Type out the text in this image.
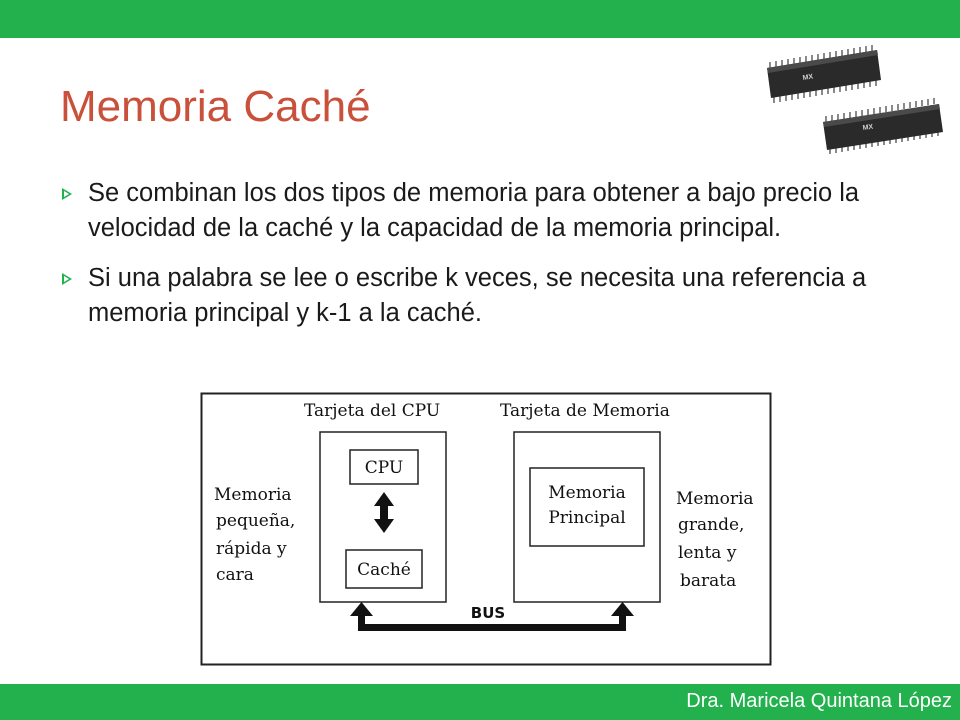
Memoria Caché
MX
MX
Se combinan los dos tipos de memoria para obtener a bajo precio la velocidad de la caché y la capacidad de la memoria principal.
Si una palabra se lee o escribe k veces, se necesita una referencia a memoria principal y k-1 a la caché.
Tarjeta del CPU	Tarjeta de Memoria
CPU
Caché
Memoria
Principal
Memoria
pequeña,
rápida y
cara
Memoria
grande,
lenta y
barata
BUS
Dra. Maricela Quintana López
